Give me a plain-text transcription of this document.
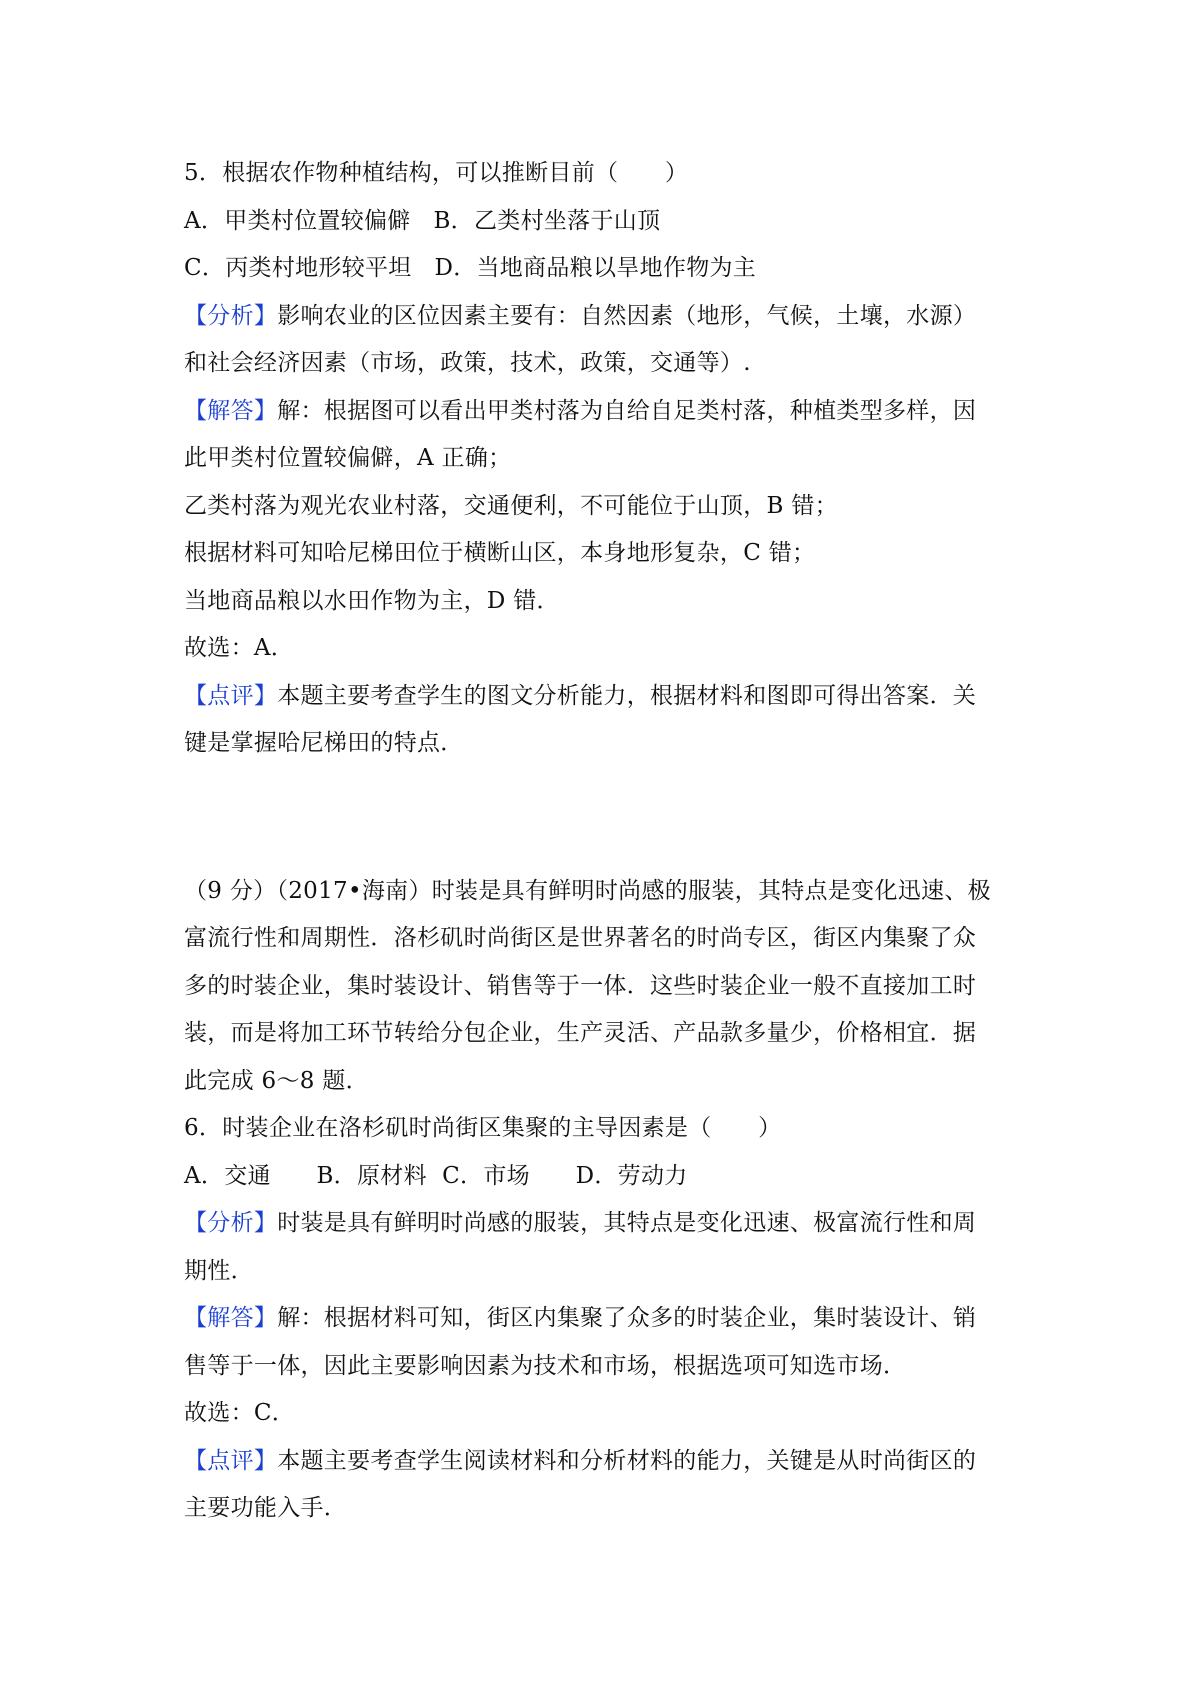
5．根据农作物种植结构，可以推断目前（　　）
A．甲类村位置较偏僻 B．乙类村坐落于山顶
C．丙类村地形较平坦 D．当地商品粮以旱地作物为主
【分析】影响农业的区位因素主要有：自然因素（地形，气候，土壤，水源）
和社会经济因素（市场，政策，技术，政策，交通等）.
【解答】解：根据图可以看出甲类村落为自给自足类村落，种植类型多样，因
此甲类村位置较偏僻，A 正确；
乙类村落为观光农业村落，交通便利，不可能位于山顶，B 错；
根据材料可知哈尼梯田位于横断山区，本身地形复杂，C 错；
当地商品粮以水田作物为主，D 错．
故选：A．
【点评】本题主要考查学生的图文分析能力，根据材料和图即可得出答案．关
键是掌握哈尼梯田的特点．
（9 分）（2017•海南）时装是具有鲜明时尚感的服装，其特点是变化迅速、极
富流行性和周期性．洛杉矶时尚街区是世界著名的时尚专区，街区内集聚了众
多的时装企业，集时装设计、销售等于一体．这些时装企业一般不直接加工时
装，而是将加工环节转给分包企业，生产灵活、产品款多量少，价格相宜．据
此完成 6～8 题．
6．时装企业在洛杉矶时尚街区集聚的主导因素是（　　）
A．交通 B．原材料 C．市场 D．劳动力
【分析】时装是具有鲜明时尚感的服装，其特点是变化迅速、极富流行性和周
期性．
【解答】解：根据材料可知，街区内集聚了众多的时装企业，集时装设计、销
售等于一体，因此主要影响因素为技术和市场，根据选项可知选市场．
故选：C．
【点评】本题主要考查学生阅读材料和分析材料的能力，关键是从时尚街区的
主要功能入手．
